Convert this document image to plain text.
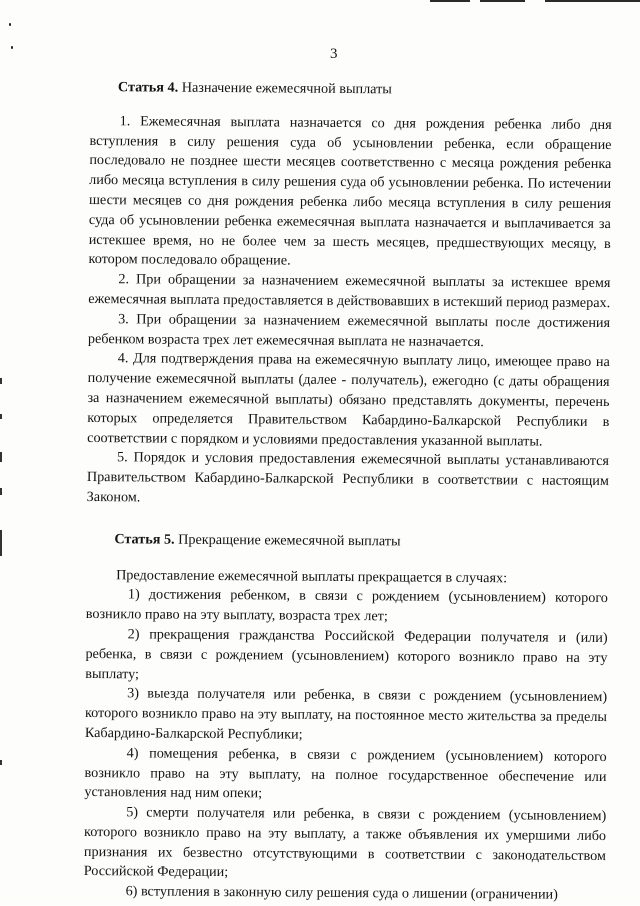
3
Статья 4. Назначение ежемесячной выплаты

1. Ежемесячная выплата назначается со дня рождения ребенка либо дня вступления в силу решения суда об усыновлении ребенка, если обращение последовало не позднее шести месяцев соответственно с месяца рождения ребенка либо месяца вступления в силу решения суда об усыновлении ребенка. По истечении шести месяцев со дня рождения ребенка либо месяца вступления в силу решения суда об усыновлении ребенка ежемесячная выплата назначается и выплачивается за истекшее время, но не более чем за шесть месяцев, предшествующих месяцу, в котором последовало обращение.

2. При обращении за назначением ежемесячной выплаты за истекшее время ежемесячная выплата предоставляется в действовавших в истекший период размерах.

3. При обращении за назначением ежемесячной выплаты после достижения ребенком возраста трех лет ежемесячная выплата не назначается.

4. Для подтверждения права на ежемесячную выплату лицо, имеющее право на получение ежемесячной выплаты (далее - получатель), ежегодно (с даты обращения за назначением ежемесячной выплаты) обязано представлять документы, перечень которых определяется Правительством Кабардино-Балкарской Республики в соответствии с порядком и условиями предоставления указанной выплаты.

5. Порядок и условия предоставления ежемесячной выплаты устанавливаются Правительством Кабардино-Балкарской Республики в соответствии с настоящим Законом.

Статья 5. Прекращение ежемесячной выплаты

Предоставление ежемесячной выплаты прекращается в случаях:

1) достижения ребенком, в связи с рождением (усыновлением) которого возникло право на эту выплату, возраста трех лет;

2) прекращения гражданства Российской Федерации получателя и (или) ребенка, в связи с рождением (усыновлением) которого возникло право на эту выплату;

3) выезда получателя или ребенка, в связи с рождением (усыновлением) которого возникло право на эту выплату, на постоянное место жительства за пределы Кабардино-Балкарской Республики;

4) помещения ребенка, в связи с рождением (усыновлением) которого возникло право на эту выплату, на полное государственное обеспечение или установления над ним опеки;

5) смерти получателя или ребенка, в связи с рождением (усыновлением) которого возникло право на эту выплату, а также объявления их умершими либо признания их безвестно отсутствующими в соответствии с законодательством Российской Федерации;

6) вступления в законную силу решения суда о лишении (ограничении)
